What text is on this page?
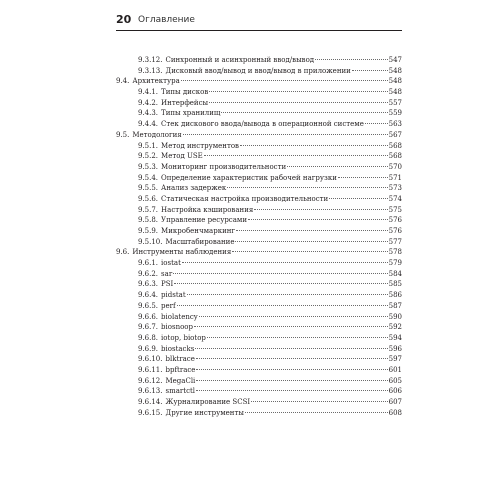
20 Оглавление
9.3.12. Синхронный и асинхронный ввод/вывод	547
9.3.13. Дисковый ввод/вывод и ввод/вывод в приложении	548
9.4. Архитектура	548
9.4.1. Типы дисков	548
9.4.2. Интерфейсы	557
9.4.3. Типы хранилищ	559
9.4.4. Стек дискового ввода/вывода в операционной системе	563
9.5. Методология	567
9.5.1. Метод инструментов	568
9.5.2. Метод USE	568
9.5.3. Мониторинг производительности	570
9.5.4. Определение характеристик рабочей нагрузки	571
9.5.5. Анализ задержек	573
9.5.6. Статическая настройка производительности	574
9.5.7. Настройка кэширования	575
9.5.8. Управление ресурсами	576
9.5.9. Микробенчмаркинг	576
9.5.10. Масштабирование	577
9.6. Инструменты наблюдения	578
9.6.1. iostat	579
9.6.2. sar	584
9.6.3. PSI	585
9.6.4. pidstat	586
9.6.5. perf	587
9.6.6. biolatency	590
9.6.7. biosnoop	592
9.6.8. iotop, biotop	594
9.6.9. biostacks	596
9.6.10. blktrace	597
9.6.11. bpftrace	601
9.6.12. MegaCli	605
9.6.13. smartctl	606
9.6.14. Журналирование SCSI	607
9.6.15. Другие инструменты	608
